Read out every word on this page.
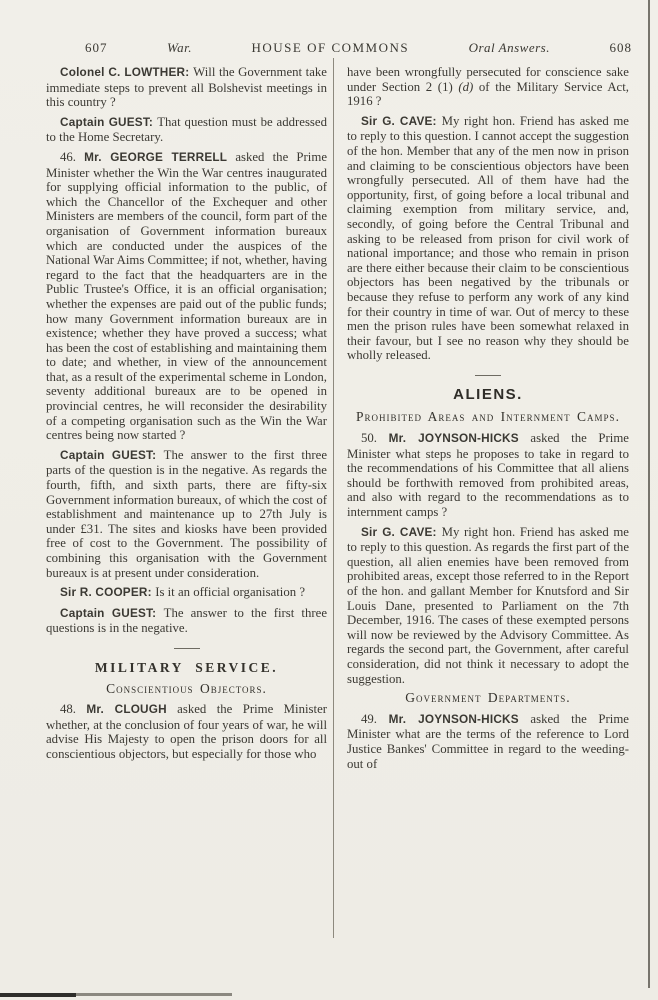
607	War.	HOUSE OF COMMONS	Oral Answers.	608

Colonel C. LOWTHER: Will the Government take immediate steps to prevent all Bolshevist meetings in this country ?

Captain GUEST: That question must be addressed to the Home Secretary.

46. Mr. GEORGE TERRELL asked the Prime Minister whether the Win the War centres inaugurated for supplying official information to the public, of which the Chancellor of the Exchequer and other Ministers are members of the council, form part of the organisation of Government information bureaux which are conducted under the auspices of the National War Aims Committee; if not, whether, having regard to the fact that the headquarters are in the Public Trustee's Office, it is an official organisation; whether the expenses are paid out of the public funds; how many Government information bureaux are in existence; whether they have proved a success; what has been the cost of establishing and maintaining them to date; and whether, in view of the announcement that, as a result of the experimental scheme in London, seventy additional bureaux are to be opened in provincial centres, he will reconsider the desirability of a competing organisation such as the Win the War centres being now started ?

Captain GUEST: The answer to the first three parts of the question is in the negative. As regards the fourth, fifth, and sixth parts, there are fifty-six Government information bureaux, of which the cost of establishment and maintenance up to 27th July is under £31. The sites and kiosks have been provided free of cost to the Government. The possibility of combining this organisation with the Government bureaux is at present under consideration.

Sir R. COOPER: Is it an official organisation ?

Captain GUEST: The answer to the first three questions is in the negative.

MILITARY SERVICE.
Conscientious Objectors.

48. Mr. CLOUGH asked the Prime Minister whether, at the conclusion of four years of war, he will advise His Majesty to open the prison doors for all conscientious objectors, but especially for those who

have been wrongfully persecuted for conscience sake under Section 2 (1) (d) of the Military Service Act, 1916 ?

Sir G. CAVE: My right hon. Friend has asked me to reply to this question. I cannot accept the suggestion of the hon. Member that any of the men now in prison and claiming to be conscientious objectors have been wrongfully persecuted. All of them have had the opportunity, first, of going before a local tribunal and claiming exemption from military service, and, secondly, of going before the Central Tribunal and asking to be released from prison for civil work of national importance; and those who remain in prison are there either because their claim to be conscientious objectors has been negatived by the tribunals or because they refuse to perform any work of any kind for their country in time of war. Out of mercy to these men the prison rules have been somewhat relaxed in their favour, but I see no reason why they should be wholly released.

ALIENS.
Prohibited Areas and Internment Camps.

50. Mr. JOYNSON-HICKS asked the Prime Minister what steps he proposes to take in regard to the recommendations of his Committee that all aliens should be forthwith removed from prohibited areas, and also with regard to the recommendations as to internment camps ?

Sir G. CAVE: My right hon. Friend has asked me to reply to this question. As regards the first part of the question, all alien enemies have been removed from prohibited areas, except those referred to in the Report of the hon. and gallant Member for Knutsford and Sir Louis Dane, presented to Parliament on the 7th December, 1916. The cases of these exempted persons will now be reviewed by the Advisory Committee. As regards the second part, the Government, after careful consideration, did not think it necessary to adopt the suggestion.

Government Departments.

49. Mr. JOYNSON-HICKS asked the Prime Minister what are the terms of the reference to Lord Justice Bankes' Committee in regard to the weeding-out of
